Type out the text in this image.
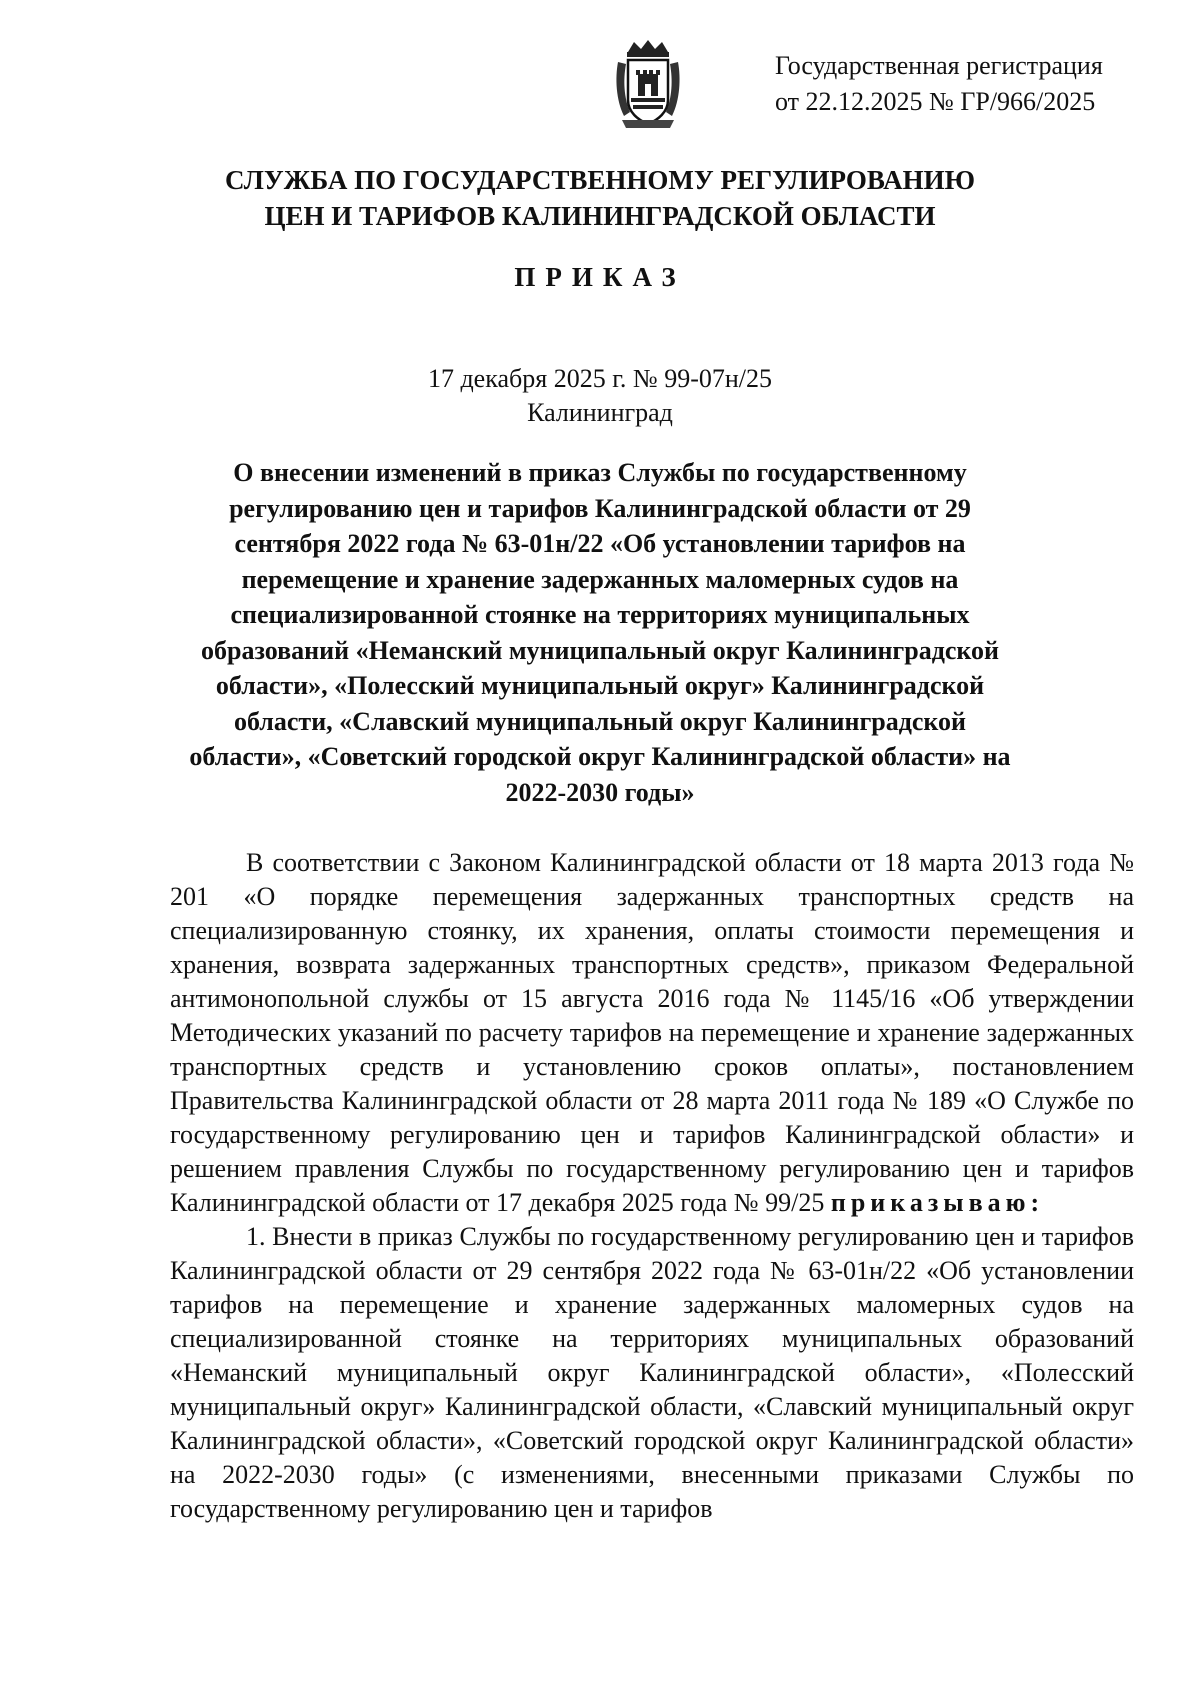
Государственная регистрация
от 22.12.2025 № ГР/966/2025
СЛУЖБА ПО ГОСУДАРСТВЕННОМУ РЕГУЛИРОВАНИЮ
ЦЕН И ТАРИФОВ КАЛИНИНГРАДСКОЙ ОБЛАСТИ
ПРИКАЗ
17 декабря 2025 г. № 99-07н/25
Калининград
О внесении изменений в приказ Службы по государственному регулированию цен и тарифов Калининградской области от 29 сентября 2022 года № 63-01н/22 «Об установлении тарифов на перемещение и хранение задержанных маломерных судов на специализированной стоянке на территориях муниципальных образований «Неманский муниципальный округ Калининградской области», «Полесский муниципальный округ» Калининградской области, «Славский муниципальный округ Калининградской области», «Советский городской округ Калининградской области» на 2022-2030 годы»

В соответствии с Законом Калининградской области от 18 марта 2013 года № 201 «О порядке перемещения задержанных транспортных средств на специализированную стоянку, их хранения, оплаты стоимости перемещения и хранения, возврата задержанных транспортных средств», приказом Федеральной антимонопольной службы от 15 августа 2016 года № 1145/16 «Об утверждении Методических указаний по расчету тарифов на перемещение и хранение задержанных транспортных средств и установлению сроков оплаты», постановлением Правительства Калининградской области от 28 марта 2011 года № 189 «О Службе по государственному регулированию цен и тарифов Калининградской области» и решением правления Службы по государственному регулированию цен и тарифов Калининградской области от 17 декабря 2025 года № 99/25 приказываю:

1. Внести в приказ Службы по государственному регулированию цен и тарифов Калининградской области от 29 сентября 2022 года № 63-01н/22 «Об установлении тарифов на перемещение и хранение задержанных маломерных судов на специализированной стоянке на территориях муниципальных образований «Неманский муниципальный округ Калининградской области», «Полесский муниципальный округ» Калининградской области, «Славский муниципальный округ Калининградской области», «Советский городской округ Калининградской области» на 2022-2030 годы» (с изменениями, внесенными приказами Службы по государственному регулированию цен и тарифов
